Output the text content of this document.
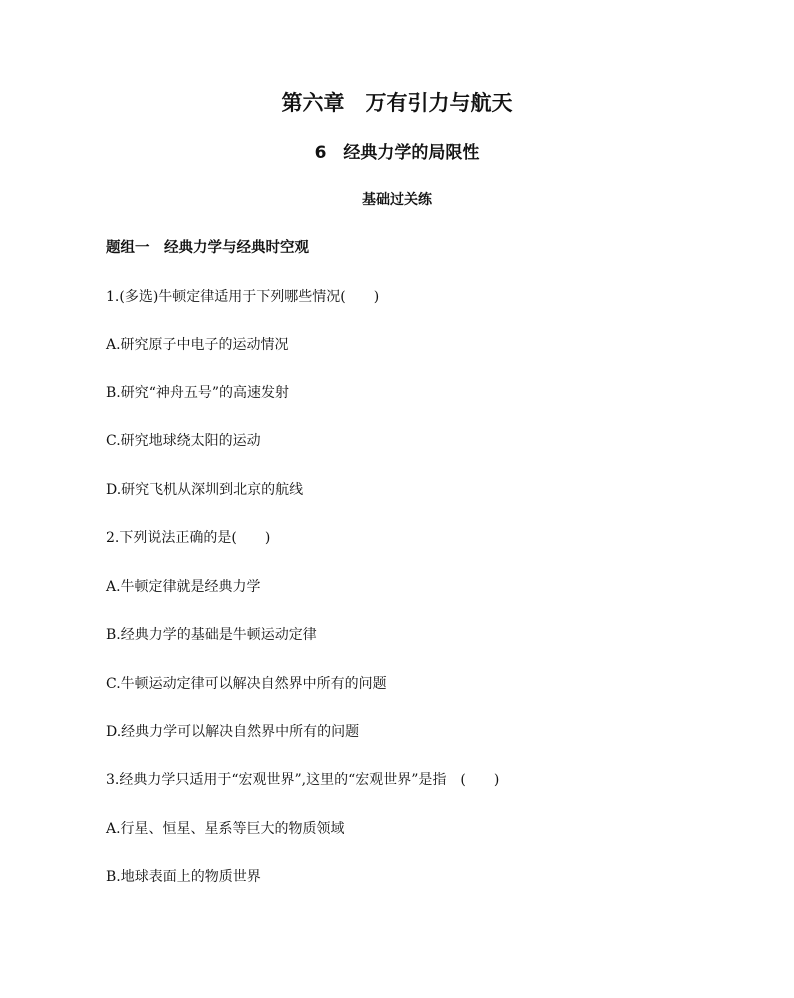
第六章　万有引力与航天
6　经典力学的局限性
基础过关练
题组一　经典力学与经典时空观
1.(多选)牛顿定律适用于下列哪些情况(　　)
A.研究原子中电子的运动情况
B.研究“神舟五号”的高速发射
C.研究地球绕太阳的运动
D.研究飞机从深圳到北京的航线
2.下列说法正确的是(　　)
A.牛顿定律就是经典力学
B.经典力学的基础是牛顿运动定律
C.牛顿运动定律可以解决自然界中所有的问题
D.经典力学可以解决自然界中所有的问题
3.经典力学只适用于“宏观世界”,这里的“宏观世界”是指　(　　)
A.行星、恒星、星系等巨大的物质领域
B.地球表面上的物质世界
